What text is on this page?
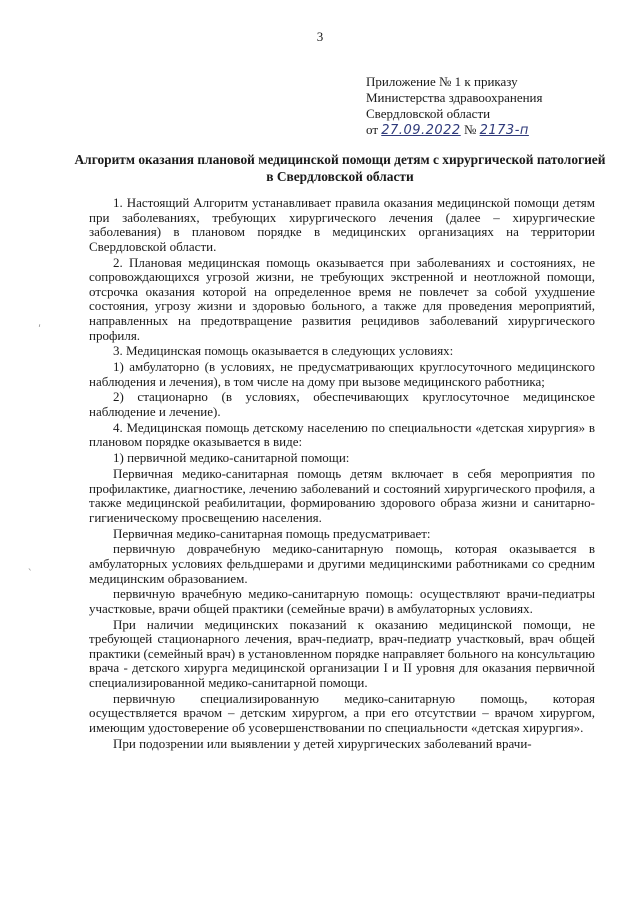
3
Приложение № 1 к приказу
Министерства здравоохранения
Свердловской области
от 27.09.2022 № 2173-п
Алгоритм оказания плановой медицинской помощи детям с хирургической патологией в Свердловской области

1. Настоящий Алгоритм устанавливает правила оказания медицинской помощи детям при заболеваниях, требующих хирургического лечения (далее – хирургические заболевания) в плановом порядке в медицинских организациях на территории Свердловской области.

2. Плановая медицинская помощь оказывается при заболеваниях и состояниях, не сопровождающихся угрозой жизни, не требующих экстренной и неотложной помощи, отсрочка оказания которой на определенное время не повлечет за собой ухудшение состояния, угрозу жизни и здоровью больного, а также для проведения мероприятий, направленных на предотвращение развития рецидивов заболеваний хирургического профиля.

3. Медицинская помощь оказывается в следующих условиях:

1) амбулаторно (в условиях, не предусматривающих круглосуточного медицинского наблюдения и лечения), в том числе на дому при вызове медицинского работника;

2) стационарно (в условиях, обеспечивающих круглосуточное медицинское наблюдение и лечение).

4. Медицинская помощь детскому населению по специальности «детская хирургия» в плановом порядке оказывается в виде:

1) первичной медико-санитарной помощи:

Первичная медико-санитарная помощь детям включает в себя мероприятия по профилактике, диагностике, лечению заболеваний и состояний хирургического профиля, а также медицинской реабилитации, формированию здорового образа жизни и санитарно-гигиеническому просвещению населения.

Первичная медико-санитарная помощь предусматривает:

первичную доврачебную медико-санитарную помощь, которая оказывается в амбулаторных условиях фельдшерами и другими медицинскими работниками со средним медицинским образованием.

первичную врачебную медико-санитарную помощь: осуществляют врачи-педиатры участковые, врачи общей практики (семейные врачи) в амбулаторных условиях.

При наличии медицинских показаний к оказанию медицинской помощи, не требующей стационарного лечения, врач-педиатр, врач-педиатр участковый, врач общей практики (семейный врач) в установленном порядке направляет больного на консультацию врача - детского хирурга медицинской организации I и II уровня для оказания первичной специализированной медико-санитарной помощи.

первичную специализированную медико-санитарную помощь, которая осуществляется врачом – детским хирургом, а при его отсутствии – врачом хирургом, имеющим удостоверение об усовершенствовании по специальности «детская хирургия».

При подозрении или выявлении у детей хирургических заболеваний врачи-

ʹ
